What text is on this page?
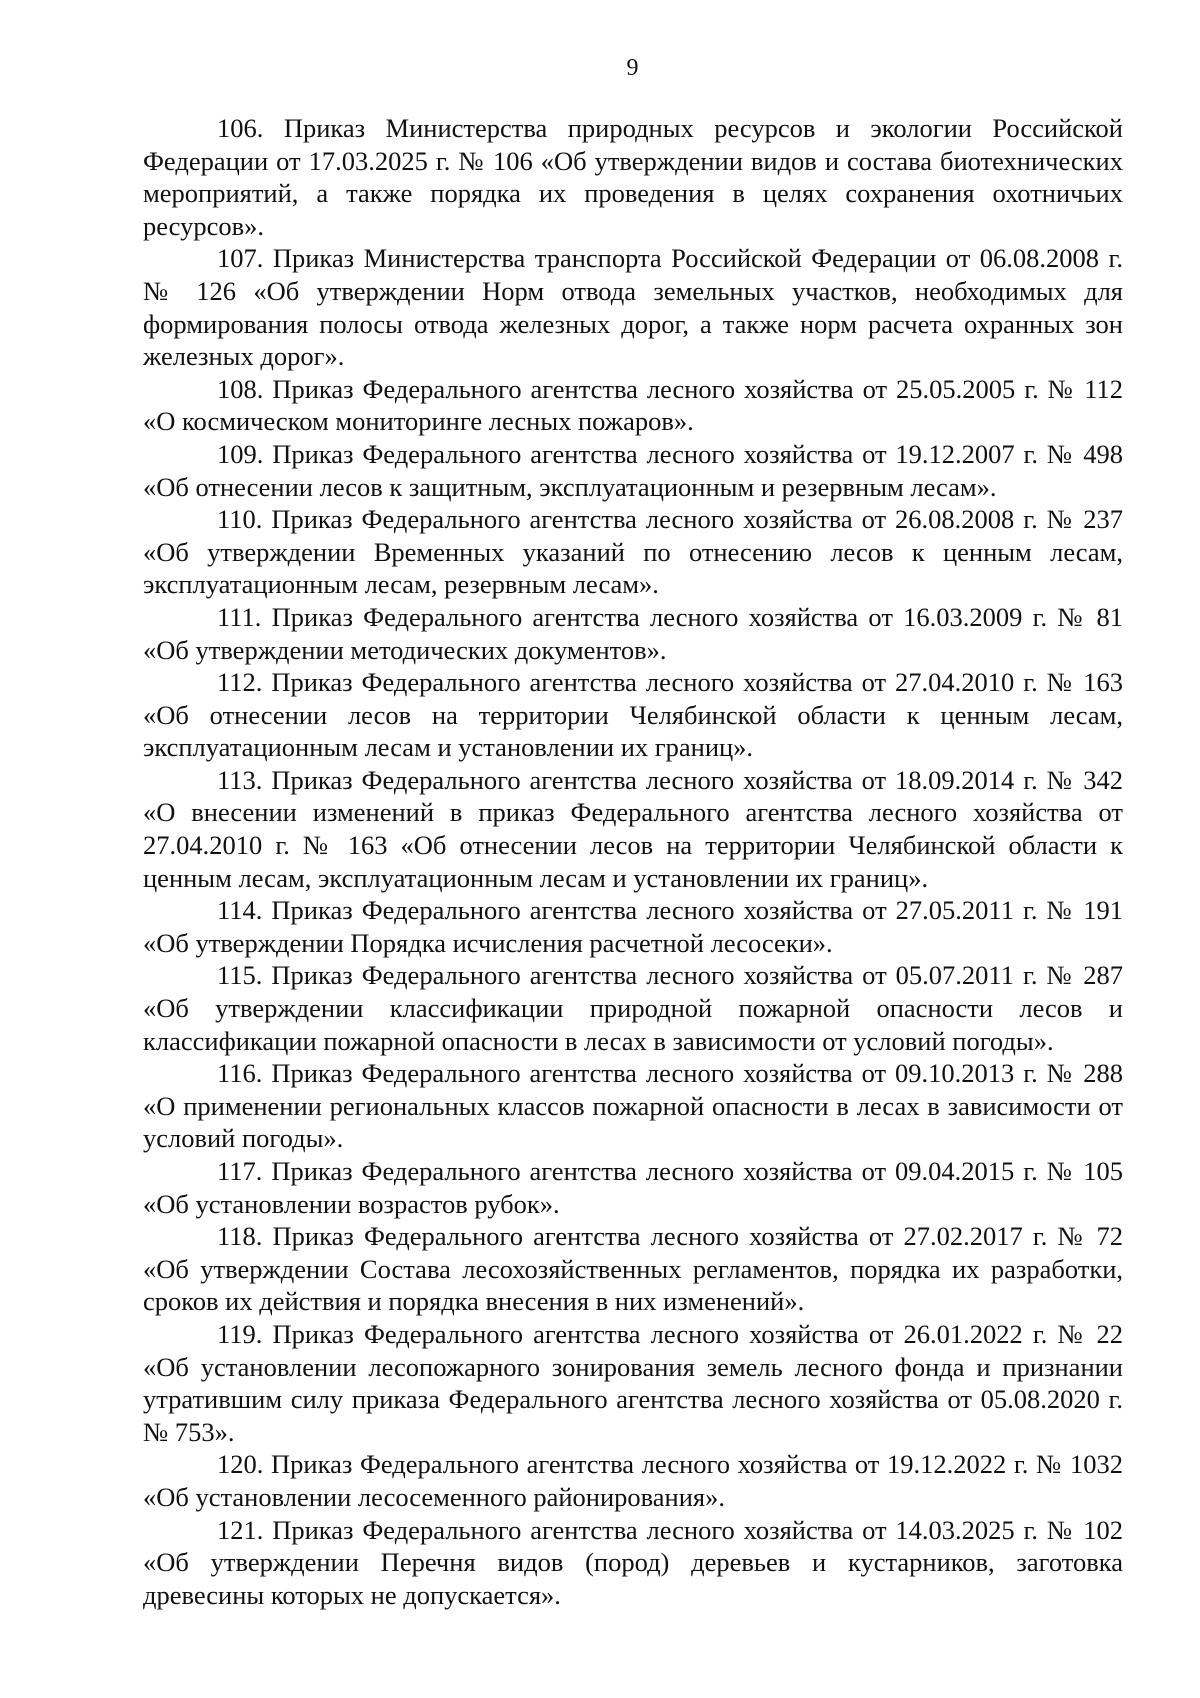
9

106. Приказ Министерства природных ресурсов и экологии Российской Федерации от 17.03.2025 г. № 106 «Об утверждении видов и состава биотехнических мероприятий, а также порядка их проведения в целях сохранения охотничьих ресурсов».

107. Приказ Министерства транспорта Российской Федерации от 06.08.2008 г. № 126 «Об утверждении Норм отвода земельных участков, необходимых для формирования полосы отвода железных дорог, а также норм расчета охранных зон железных дорог».

108. Приказ Федерального агентства лесного хозяйства от 25.05.2005 г. № 112 «О космическом мониторинге лесных пожаров».

109. Приказ Федерального агентства лесного хозяйства от 19.12.2007 г. № 498 «Об отнесении лесов к защитным, эксплуатационным и резервным лесам».

110. Приказ Федерального агентства лесного хозяйства от 26.08.2008 г. № 237 «Об утверждении Временных указаний по отнесению лесов к ценным лесам, эксплуатационным лесам, резервным лесам».

111. Приказ Федерального агентства лесного хозяйства от 16.03.2009 г. № 81 «Об утверждении методических документов».

112. Приказ Федерального агентства лесного хозяйства от 27.04.2010 г. № 163 «Об отнесении лесов на территории Челябинской области к ценным лесам, эксплуатационным лесам и установлении их границ».

113. Приказ Федерального агентства лесного хозяйства от 18.09.2014 г. № 342 «О внесении изменений в приказ Федерального агентства лесного хозяйства от 27.04.2010 г. № 163 «Об отнесении лесов на территории Челябинской области к ценным лесам, эксплуатационным лесам и установлении их границ».

114. Приказ Федерального агентства лесного хозяйства от 27.05.2011 г. № 191 «Об утверждении Порядка исчисления расчетной лесосеки».

115. Приказ Федерального агентства лесного хозяйства от 05.07.2011 г. № 287 «Об утверждении классификации природной пожарной опасности лесов и классификации пожарной опасности в лесах в зависимости от условий погоды».

116. Приказ Федерального агентства лесного хозяйства от 09.10.2013 г. № 288 «О применении региональных классов пожарной опасности в лесах в зависимости от условий погоды».

117. Приказ Федерального агентства лесного хозяйства от 09.04.2015 г. № 105 «Об установлении возрастов рубок».

118. Приказ Федерального агентства лесного хозяйства от 27.02.2017 г. № 72 «Об утверждении Состава лесохозяйственных регламентов, порядка их разработки, сроков их действия и порядка внесения в них изменений».

119. Приказ Федерального агентства лесного хозяйства от 26.01.2022 г. № 22 «Об установлении лесопожарного зонирования земель лесного фонда и признании утратившим силу приказа Федерального агентства лесного хозяйства от 05.08.2020 г. № 753».

120. Приказ Федерального агентства лесного хозяйства от 19.12.2022 г. № 1032 «Об установлении лесосеменного районирования».

121. Приказ Федерального агентства лесного хозяйства от 14.03.2025 г. № 102 «Об утверждении Перечня видов (пород) деревьев и кустарников, заготовка древесины которых не допускается».
